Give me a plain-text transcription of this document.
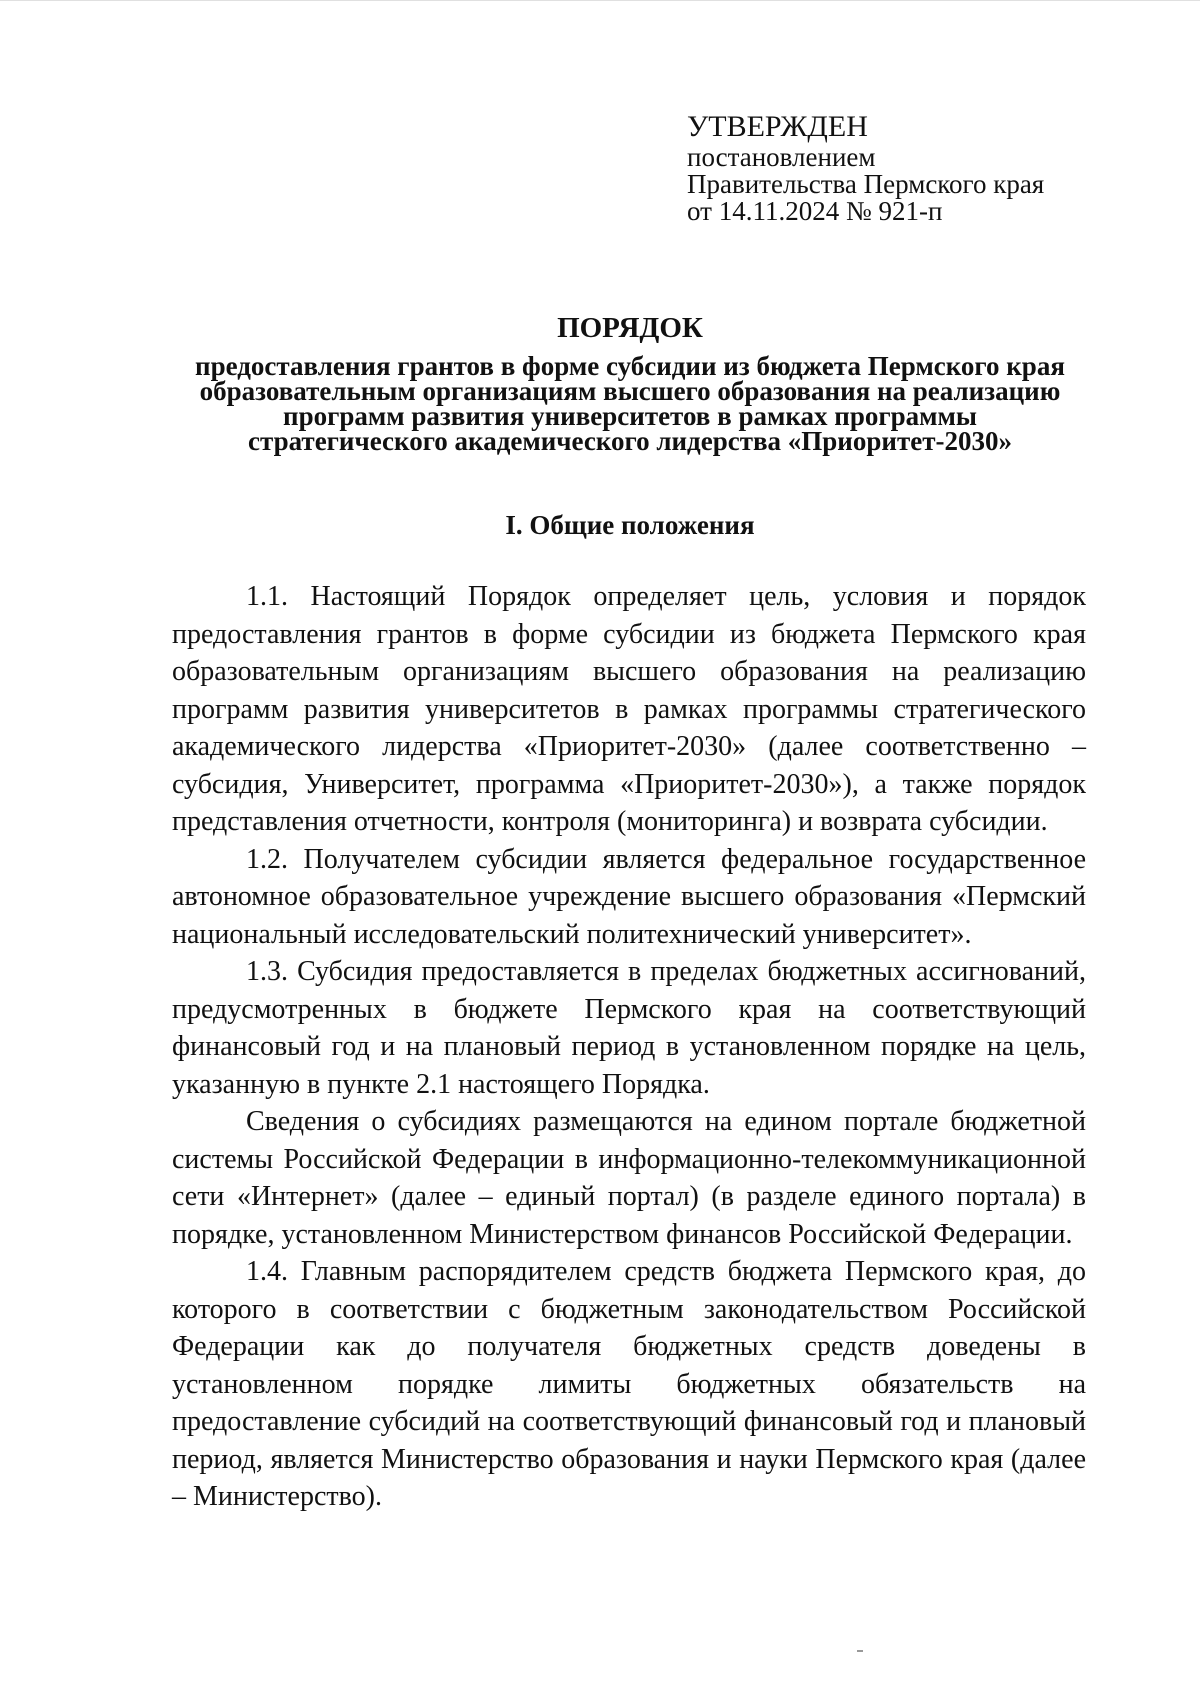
УТВЕРЖДЕН
постановлением
Правительства Пермского края
от 14.11.2024 № 921-п
ПОРЯДОК
предоставления грантов в форме субсидии из бюджета Пермского края образовательным организациям высшего образования на реализацию программ развития университетов в рамках программы стратегического академического лидерства «Приоритет-2030»
I. Общие положения

1.1. Настоящий Порядок определяет цель, условия и порядок предоставления грантов в форме субсидии из бюджета Пермского края образовательным организациям высшего образования на реализацию программ развития университетов в рамках программы стратегического академического лидерства «Приоритет-2030» (далее соответственно – субсидия, Университет, программа «Приоритет-2030»), а также порядок представления отчетности, контроля (мониторинга) и возврата субсидии.

1.2. Получателем субсидии является федеральное государственное автономное образовательное учреждение высшего образования «Пермский национальный исследовательский политехнический университет».

1.3. Субсидия предоставляется в пределах бюджетных ассигнований, предусмотренных в бюджете Пермского края на соответствующий финансовый год и на плановый период в установленном порядке на цель, указанную в пункте 2.1 настоящего Порядка.

Сведения о субсидиях размещаются на едином портале бюджетной системы Российской Федерации в информационно-телекоммуникационной сети «Интернет» (далее – единый портал) (в разделе единого портала) в порядке, установленном Министерством финансов Российской Федерации.

1.4. Главным распорядителем средств бюджета Пермского края, до которого в соответствии с бюджетным законодательством Российской Федерации как до получателя бюджетных средств доведены в установленном порядке лимиты бюджетных обязательств на предоставление субсидий на соответствующий финансовый год и плановый период, является Министерство образования и науки Пермского края (далее – Министерство).
